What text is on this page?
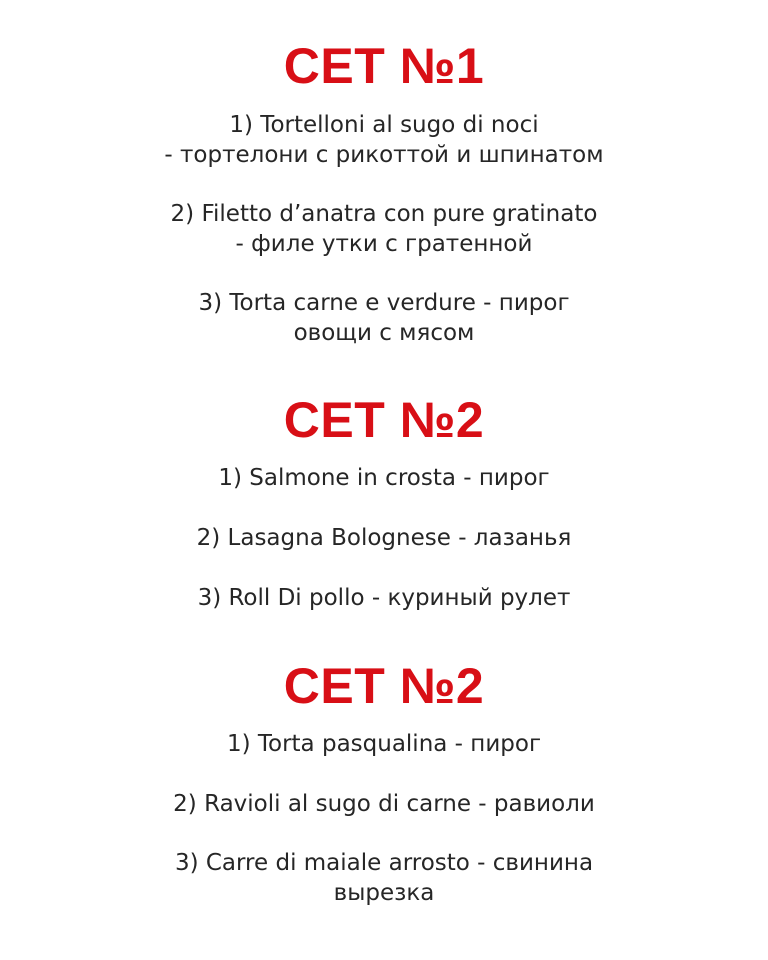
СЕТ №1
1) Tortelloni al sugo di noci
- тортелони с рикоттой и шпинатом
2) Filetto d’anatra con pure gratinato
- филе утки с гратенной
3) Torta carne e verdure - пирог
овощи с мясом
СЕТ №2
1) Salmone in crosta - пирог
2) Lasagna Bolognese - лазанья
3) Roll Di pollo - куриный рулет
СЕТ №2
1) Torta pasqualina - пирог
2) Ravioli al sugo di carne - равиоли
3) Carre di maiale arrosto - свинина
вырезка
